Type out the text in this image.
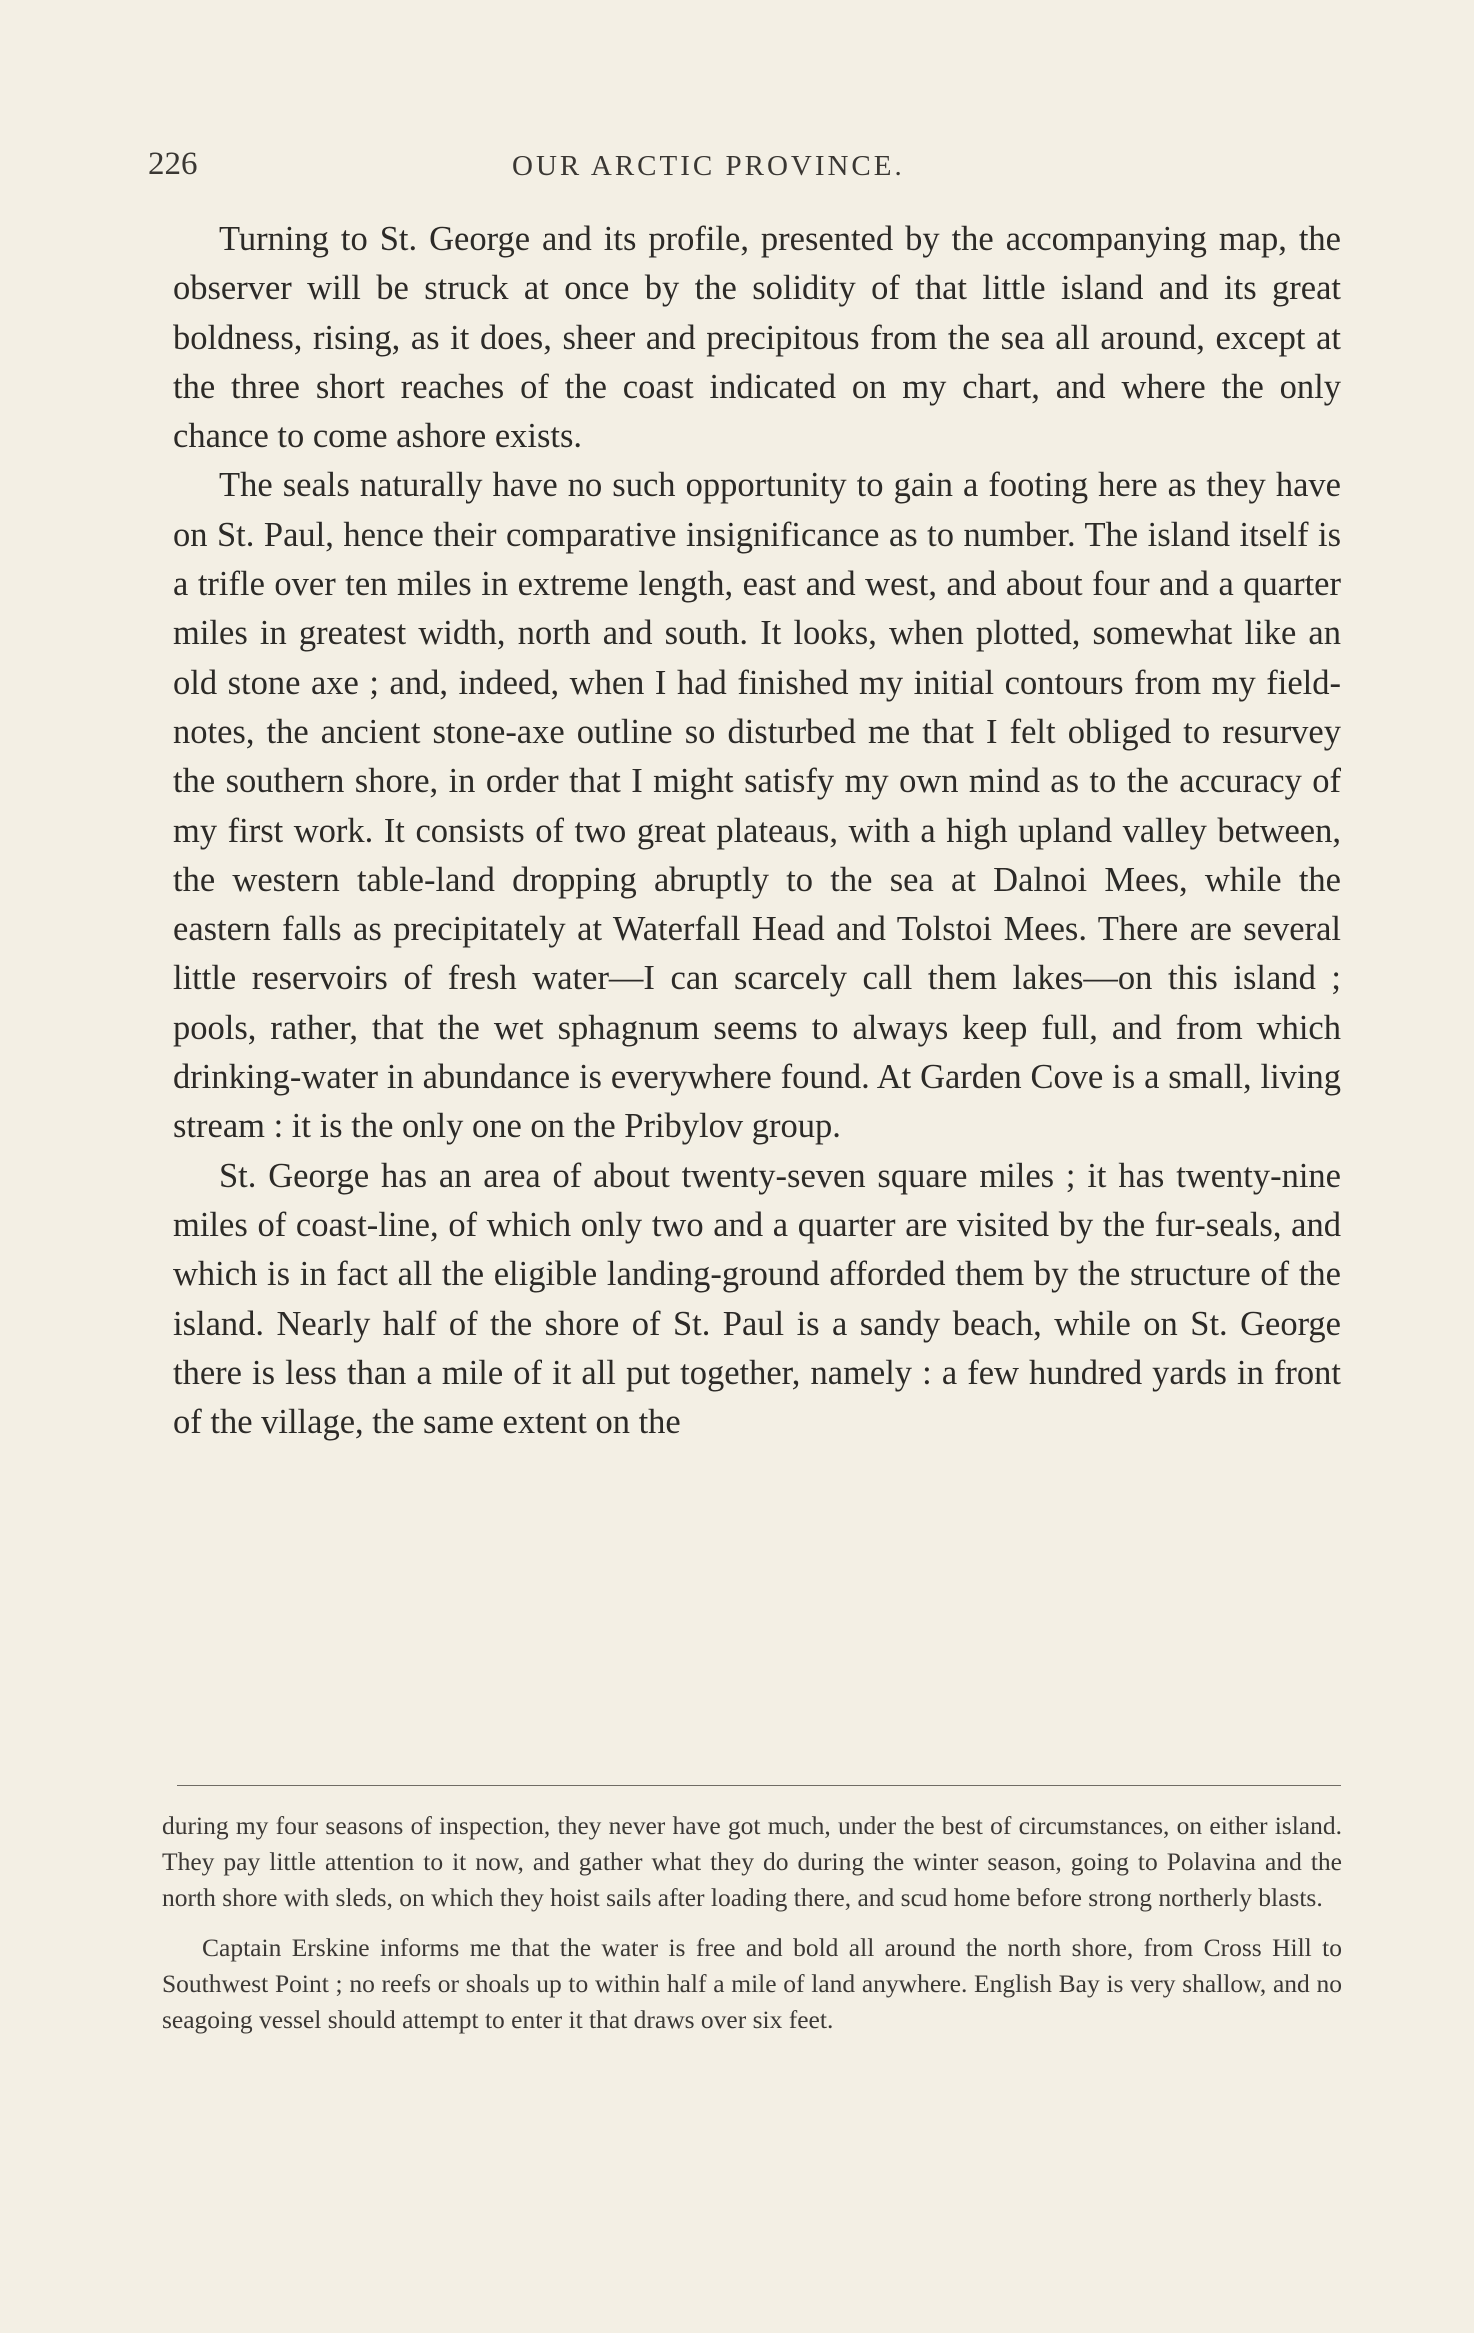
226	OUR ARCTIC PROVINCE.

Turning to St. George and its profile, presented by the accompanying map, the observer will be struck at once by the solidity of that little island and its great boldness, rising, as it does, sheer and precipitous from the sea all around, except at the three short reaches of the coast indicated on my chart, and where the only chance to come ashore exists.

The seals naturally have no such opportunity to gain a footing here as they have on St. Paul, hence their comparative insignificance as to number. The island itself is a trifle over ten miles in extreme length, east and west, and about four and a quarter miles in greatest width, north and south. It looks, when plotted, somewhat like an old stone axe ; and, indeed, when I had finished my initial contours from my field-notes, the ancient stone-axe outline so disturbed me that I felt obliged to resurvey the southern shore, in order that I might satisfy my own mind as to the accuracy of my first work. It consists of two great plateaus, with a high upland valley between, the western table-land dropping abruptly to the sea at Dalnoi Mees, while the eastern falls as precipitately at Waterfall Head and Tolstoi Mees. There are several little reservoirs of fresh water—I can scarcely call them lakes—on this island ; pools, rather, that the wet sphagnum seems to always keep full, and from which drinking-water in abundance is everywhere found. At Garden Cove is a small, living stream : it is the only one on the Pribylov group.

St. George has an area of about twenty-seven square miles ; it has twenty-nine miles of coast-line, of which only two and a quarter are visited by the fur-seals, and which is in fact all the eligible landing-ground afforded them by the structure of the island. Nearly half of the shore of St. Paul is a sandy beach, while on St. George there is less than a mile of it all put together, namely : a few hundred yards in front of the village, the same extent on the

during my four seasons of inspection, they never have got much, under the best of circumstances, on either island. They pay little attention to it now, and gather what they do during the winter season, going to Polavina and the north shore with sleds, on which they hoist sails after loading there, and scud home before strong northerly blasts.

Captain Erskine informs me that the water is free and bold all around the north shore, from Cross Hill to Southwest Point ; no reefs or shoals up to within half a mile of land anywhere. English Bay is very shallow, and no seagoing vessel should attempt to enter it that draws over six feet.
